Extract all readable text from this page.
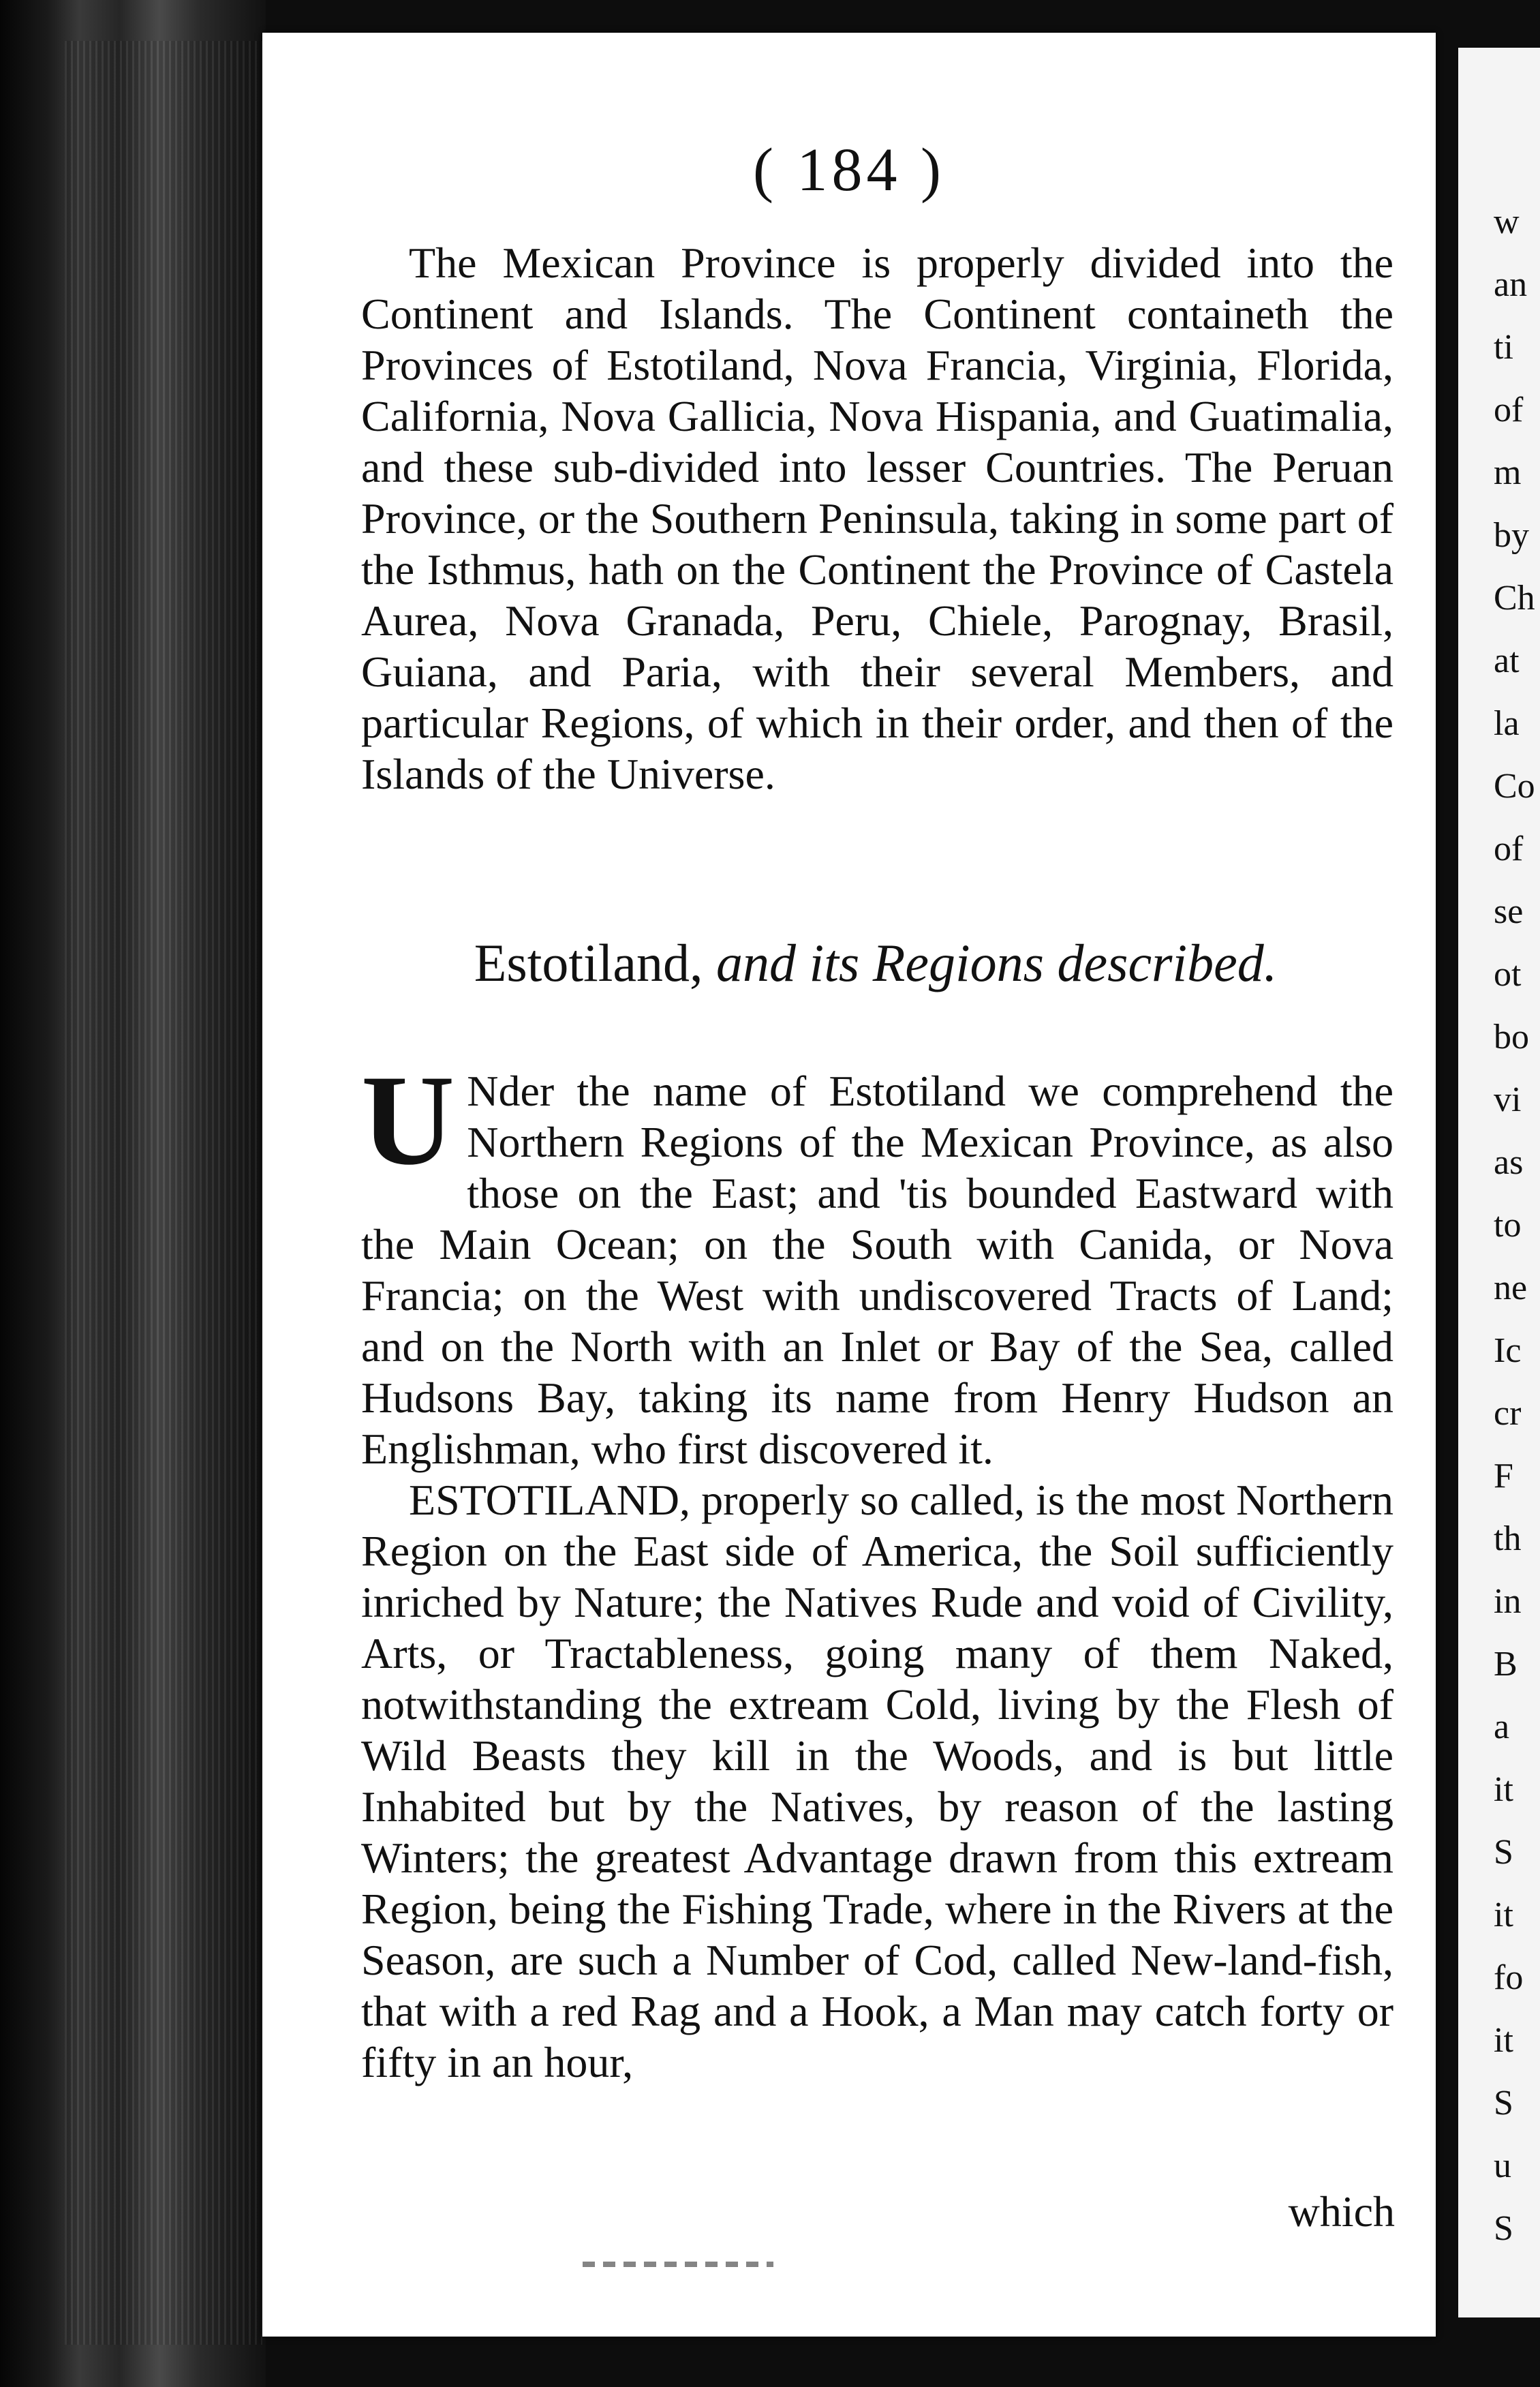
( 184 )

The Mexican Province is properly divided into the Continent and Islands. The Continent containeth the Provinces of Estotiland, Nova Francia, Virginia, Florida, California, Nova Gallicia, Nova Hispania, and Guatimalia, and these sub-divided into lesser Countries. The Peruan Province, or the Southern Peninsula, taking in some part of the Isthmus, hath on the Continent the Province of Castela Aurea, Nova Granada, Peru, Chiele, Parognay, Brasil, Guiana, and Paria, with their several Members, and particular Regions, of which in their order, and then of the Islands of the Universe.

Estotiland, and its Regions described.

U Nder the name of Estotiland we comprehend the Northern Regions of the Mexican Province, as also those on the East; and 'tis bounded Eastward with the Main Ocean; on the South with Canida, or Nova Francia; on the West with undiscovered Tracts of Land; and on the North with an Inlet or Bay of the Sea, called Hudsons Bay, taking its name from Henry Hudson an Englishman, who first discovered it.

ESTOTILAND, properly so called, is the most Northern Region on the East side of America, the Soil sufficiently inriched by Nature; the Natives Rude and void of Civility, Arts, or Tractableness, going many of them Naked, notwithstanding the extream Cold, living by the Flesh of Wild Beasts they kill in the Woods, and is but little Inhabited but by the Natives, by reason of the lasting Winters; the greatest Advantage drawn from this extream Region, being the Fishing Trade, where in the Rivers at the Season, are such a Number of Cod, called New-land-fish, that with a red Rag and a Hook, a Man may catch forty or fifty in an hour,

which
w
an
ti
of
m
by
Ch
at
la
Co
of
se
ot
bo
vi
as
to
ne
Ic
cr
F
th
in
B
a
it
S
it
fo
it
S
u
S
